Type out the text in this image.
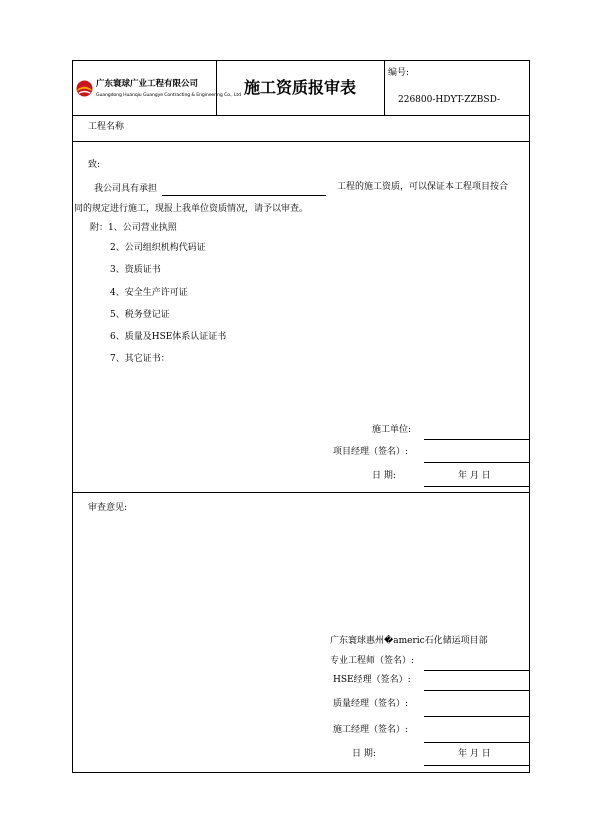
广东寰球广业工程有限公司
Guangdong Huanqiu Guangye Contracting & Engineering Co., Ltd 施工资质报审表
编号:
226800-HDYT-ZZBSD-
工程名称
致:
我公司具有承担	工程的施工资质，可以保证本工程项目按合
同的规定进行施工，现报上我单位资质情况，请予以审查。
附：1、公司营业执照
2、公司组织机构代码证
3、资质证书
4、安全生产许可证
5、税务登记证
6、质量及HSE体系认证证书
7、其它证书：
施工单位:
项目经理（签名）:
日 期:	年 月 日
审查意见:
广东寰球惠州�americ石化储运项目部
专业工程师（签名）:
HSE经理（签名）:
质量经理（签名）:
施工经理（签名）:
日 期:	年 月 日
